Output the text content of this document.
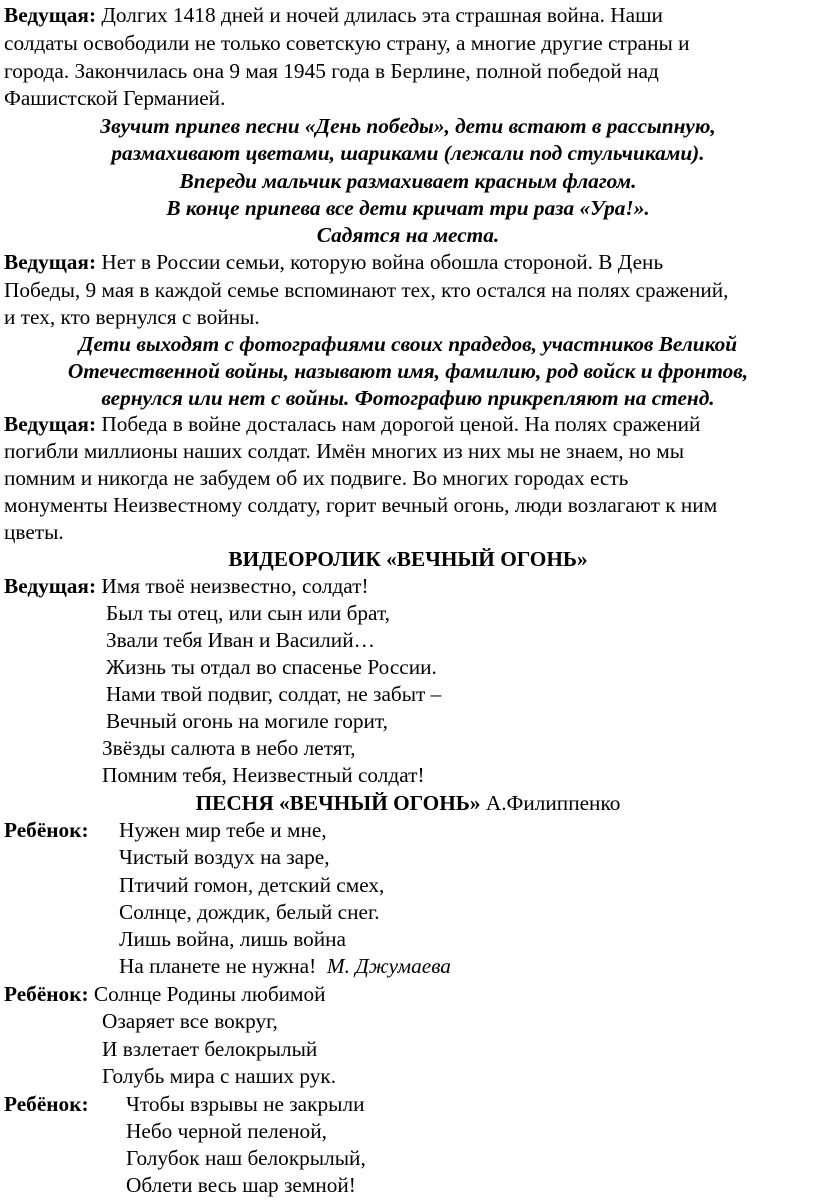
Ведущая: Долгих 1418 дней и ночей длилась эта страшная война. Наши

солдаты освободили не только советскую страну, а многие другие страны и

города. Закончилась она 9 мая 1945 года в Берлине, полной победой над

Фашистской Германией.

Звучит припев песни «День победы», дети встают в рассыпную,

размахивают цветами, шариками (лежали под стульчиками).

Впереди мальчик размахивает красным флагом.

В конце припева все дети кричат три раза «Ура!».

Садятся на места.

Ведущая: Нет в России семьи, которую война обошла стороной. В День

Победы, 9 мая в каждой семье вспоминают тех, кто остался на полях сражений,

и тех, кто вернулся с войны.

Дети выходят с фотографиями своих прадедов, участников Великой

Отечественной войны, называют имя, фамилию, род войск и фронтов,

вернулся или нет с войны. Фотографию прикрепляют на стенд.

Ведущая: Победа в войне досталась нам дорогой ценой. На полях сражений

погибли миллионы наших солдат. Имён многих из них мы не знаем, но мы

помним и никогда не забудем об их подвиге. Во многих городах есть

монументы Неизвестному солдату, горит вечный огонь, люди возлагают к ним

цветы.

ВИДЕОРОЛИК «ВЕЧНЫЙ ОГОНЬ»

Ведущая: Имя твоё неизвестно, солдат!

Был ты отец, или сын или брат,

Звали тебя Иван и Василий…

Жизнь ты отдал во спасенье России.

Нами твой подвиг, солдат, не забыт –

Вечный огонь на могиле горит,

Звёзды салюта в небо летят,

Помним тебя, Неизвестный солдат!

ПЕСНЯ «ВЕЧНЫЙ ОГОНЬ» А.Филиппенко

Ребёнок: Нужен мир тебе и мне,

Чистый воздух на заре,

Птичий гомон, детский смех,

Солнце, дождик, белый снег.

Лишь война, лишь война

На планете не нужна! М. Джумаева

Ребёнок: Солнце Родины любимой

Озаряет все вокруг,

И взлетает белокрылый

Голубь мира с наших рук.

Ребёнок: Чтобы взрывы не закрыли

Небо черной пеленой,

Голубок наш белокрылый,

Облети весь шар земной!
